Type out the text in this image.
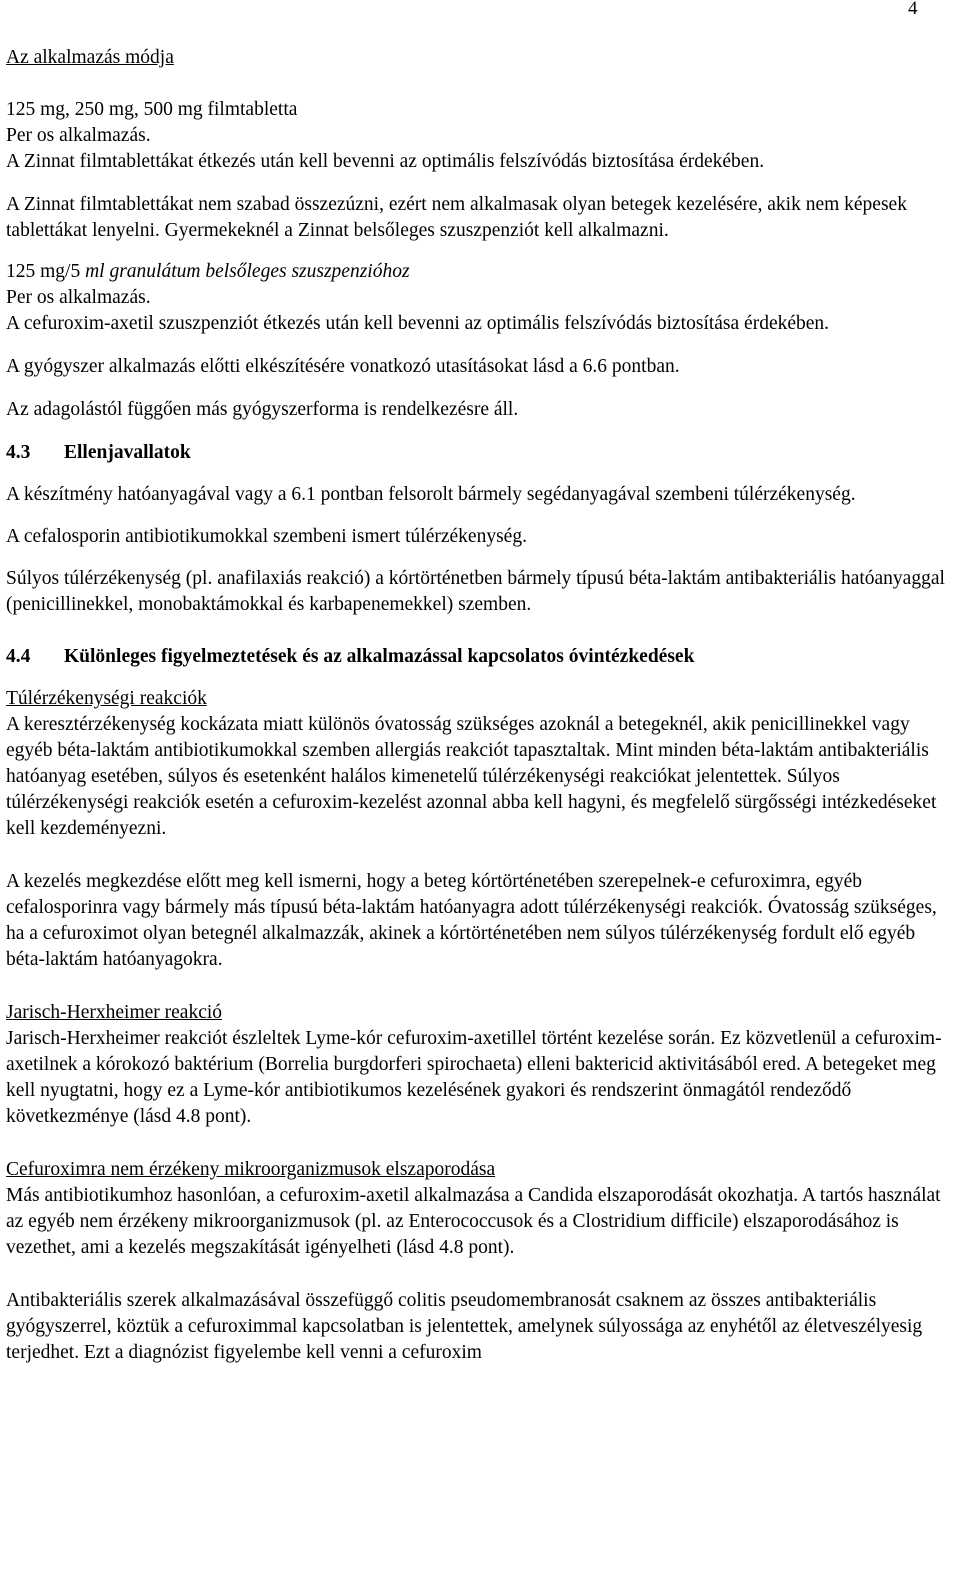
4

Az alkalmazás módja

125 mg, 250 mg, 500 mg filmtabletta

Per os alkalmazás.

A Zinnat filmtablettákat étkezés után kell bevenni az optimális felszívódás biztosítása érdekében.

A Zinnat filmtablettákat nem szabad összezúzni, ezért nem alkalmasak olyan betegek kezelésére, akik nem képesek tablettákat lenyelni. Gyermekeknél a Zinnat belsőleges szuszpenziót kell alkalmazni.

125 mg/5 ml granulátum belsőleges szuszpenzióhoz

Per os alkalmazás.

A cefuroxim-axetil szuszpenziót étkezés után kell bevenni az optimális felszívódás biztosítása érdekében.

A gyógyszer alkalmazás előtti elkészítésére vonatkozó utasításokat lásd a 6.6 pontban.

Az adagolástól függően más gyógyszerforma is rendelkezésre áll.

4.3	Ellenjavallatok

A készítmény hatóanyagával vagy a 6.1 pontban felsorolt bármely segédanyagával szembeni túlérzékenység.

A cefalosporin antibiotikumokkal szembeni ismert túlérzékenység.

Súlyos túlérzékenység (pl. anafilaxiás reakció) a kórtörténetben bármely típusú béta-laktám antibakteriális hatóanyaggal (penicillinekkel, monobaktámokkal és karbapenemekkel) szemben.

4.4	Különleges figyelmeztetések és az alkalmazással kapcsolatos óvintézkedések

Túlérzékenységi reakciók

A keresztérzékenység kockázata miatt különös óvatosság szükséges azoknál a betegeknél, akik penicillinekkel vagy egyéb béta-laktám antibiotikumokkal szemben allergiás reakciót tapasztaltak. Mint minden béta-laktám antibakteriális hatóanyag esetében, súlyos és esetenként halálos kimenetelű túlérzékenységi reakciókat jelentettek. Súlyos túlérzékenységi reakciók esetén a cefuroxim-kezelést azonnal abba kell hagyni, és megfelelő sürgősségi intézkedéseket kell kezdeményezni.

A kezelés megkezdése előtt meg kell ismerni, hogy a beteg kórtörténetében szerepelnek-e cefuroximra, egyéb cefalosporinra vagy bármely más típusú béta-laktám hatóanyagra adott túlérzékenységi reakciók. Óvatosság szükséges, ha a cefuroximot olyan betegnél alkalmazzák, akinek a kórtörténetében nem súlyos túlérzékenység fordult elő egyéb béta-laktám hatóanyagokra.

Jarisch-Herxheimer reakció

Jarisch-Herxheimer reakciót észleltek Lyme-kór cefuroxim-axetillel történt kezelése során. Ez közvetlenül a cefuroxim-axetilnek a kórokozó baktérium (Borrelia burgdorferi spirochaeta) elleni baktericid aktivitásából ered. A betegeket meg kell nyugtatni, hogy ez a Lyme-kór antibiotikumos kezelésének gyakori és rendszerint önmagától rendeződő következménye (lásd 4.8 pont).

Cefuroximra nem érzékeny mikroorganizmusok elszaporodása

Más antibiotikumhoz hasonlóan, a cefuroxim-axetil alkalmazása a Candida elszaporodását okozhatja. A tartós használat az egyéb nem érzékeny mikroorganizmusok (pl. az Enterococcusok és a Clostridium difficile) elszaporodásához is vezethet, ami a kezelés megszakítását igényelheti (lásd 4.8 pont).

Antibakteriális szerek alkalmazásával összefüggő colitis pseudomembranosát csaknem az összes antibakteriális gyógyszerrel, köztük a cefuroximmal kapcsolatban is jelentettek, amelynek súlyossága az enyhétől az életveszélyesig terjedhet. Ezt a diagnózist figyelembe kell venni a cefuroxim
